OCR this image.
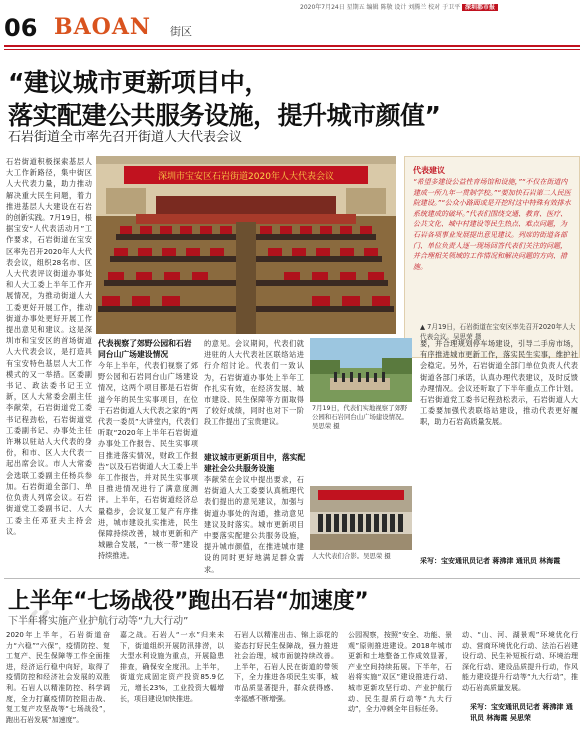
2020年7月24日 星期五 编辑 陈敬 设计 刘腾兰 校对 于卫平 深圳都市报
06 BAOAN 街区
“建议城市更新项目中，
落实配建公共服务设施，提升城市颜值”
石岩街道全市率先召开街道人大代表会议
石岩街道积极探索基层人大工作新路径，集中街区人大代表力量，助力推动解决重大民生问题，着力推进基层人大建设在石岩的创新实践。7月19日，根据宝安“人代表活动月”工作要求，石岩街道在宝安区率先召开2020年人大代表会议，组织28名市、区人大代表评议街道办事处和人大工委上半年工作开展情况，为推动街道人大工委更好开展工作，推动街道办事处更好开展工作提出意见和建议。这是深圳市和宝安区的首场街道人大代表会议，是打造具有宝安特色基层人大工作模式的又一举措。区委副书记、政法委书记王立新，区人大常委会副主任李献荣，石岩街道党工委书记程劲松，石岩街道党工委副书记、办事处主任许琳以驻站人大代表的身份，和市、区人大代表一起出席会议。市人大常委会选联工委副主任杨兵参加。石岩街道全部门、单位负责人列席会议。石岩街道党工委副书记、人大工委主任邓亚夫主持会议。
“
深圳市宝安区石岩街道2020年人大代表会议
代表建议
“希望多建设公益性育场馆和设施，”“不仅在街道内建成一所九年一贯制学校。”“要加快石岩第二人民医院建设。”“公众小路面或是开挖时这中特殊有效排水系统建成的破坏。”代表们围绕交通、教育、医疗、公共文化、城中村建设等民生热点、难点问题，为石岩各项事业发展提出意见建议。列席的街道各部门、单位负责人逐一现场回答代表们关注的问题，并合理相关领域的工作情况和解决问题的方向、措施。
▲ 7月19日，石岩街道在宝安区率先召开2020年人大代表会议。吴思荣 摄
代表视察了郊野公园和石岩同台山广场建设情况
今年上半年，代表们视察了郊野公园和石岩同台山广场建设情况，这两个项目都是石岩街道今年的民生实事项目，在位于石岩街道人大代表之家的“两代表一委员”大讲堂内，代表们听取“2020年上半年石岩街道办事处工作报告、民生实事项目推进落实情况，财政工作报告”以及石岩街道人大工委上半年工作报告，并对民生实事项目推进情况进行了满意度测评。上半年，石岩街道经济总量稳步，会议复工复产有序推进，城市建设扎实推进，民生保障持续改善，城市更新和产城融合发展，“一核一带”建设持续推进。
的意见。会议期间，代表们就进驻的人大代表社区联络站进行介绍讨论。代表们一致认为，石岩街道办事处上半年工作扎实有效，在经济发展、城市建设、民生保障等方面取得了较好成绩，同时也对下一阶段工作提出了宝贵建议。
建议城市更新项目中，落实配建社会公共服务设施
李献荣在会议中提出要求，石岩街道人大工委要认真梳理代表们提出的意见建议，加强与街道办事处的沟通，推动意见建议及时落实。城市更新项目中要落实配建公共服务设施，提升城市颜值，在推进城市建设的同时更好地满足群众需求。
7月19日，代表们实地视察了郊野公园和石岩同台山广场建设情况。吴思荣 摄
人大代表们合影。吴思荣 摄
要，并合理规划停车场建设，引导二手房市场，有序推进城市更新工作，落实民生实事，维护社会稳定。另外，石岩街道全部门单位负责人代表街道各部门承诺，认真办理代表建议，及时反馈办理情况。会议还听取了下半年重点工作计划。石岩街道党工委书记程劲松表示，石岩街道人大工委要加强代表联络站建设，推动代表更好履职，助力石岩高质量发展。
采写：宝安通讯员记者 蒋沸津 通讯员 林海霞
上半年“七场战役”跑出石岩“加速度”
下半年将实施产业护航行动等“九大行动”
2020年上半年，石岩街道奋力“六稳”“六保”，疫情防控、复工复产、民生保障等工作全面推进，经济运行稳中向好，取得了疫情防控和经济社会发展的双胜利。石岩人以精准防控、科学调度，全力打赢疫情防控阻击战、复工复产攻坚战等“七场战役”，跑出石岩发展“加速度”。
嘉之战。石岩人“一水”归来未下，街道组织开展防汛排涝，以大型水利设施为重点，开展隐患排查，确保安全度汛。上半年，街道完成固定资产投资85.9亿元，增长23%，工业投资大幅增长，项目建设加快推进。
石岩人以精准出击、锦上添花的姿态打好民生保障战，强力推进社会治理，城市面貌持续改善。上半年，石岩人民在街道的带领下，全力推进各项民生实事，城市品质显著提升，群众获得感、幸福感不断增强。
公园视察，按照“安全、功能、景观”原则推进建设。2018年城市更新和土地整备工作成效显著，产业空间持续拓展。下半年，石岩将实施“双区”建设推进行动、城市更新攻坚行动、产业护航行动、民生提质行动等“九大行动”，全力冲刺全年目标任务。
动、“山、河、湖景观”环境优化行动、营商环境优化行动、法治石岩建设行动、民生补短板行动、环境治理深化行动、建设品质提升行动，作风能力建设提升行动等“九大行动”，推动石岩高质量发展。
采写：宝安通讯员记者 蒋沸津 通讯员 林海霞 吴思荣
